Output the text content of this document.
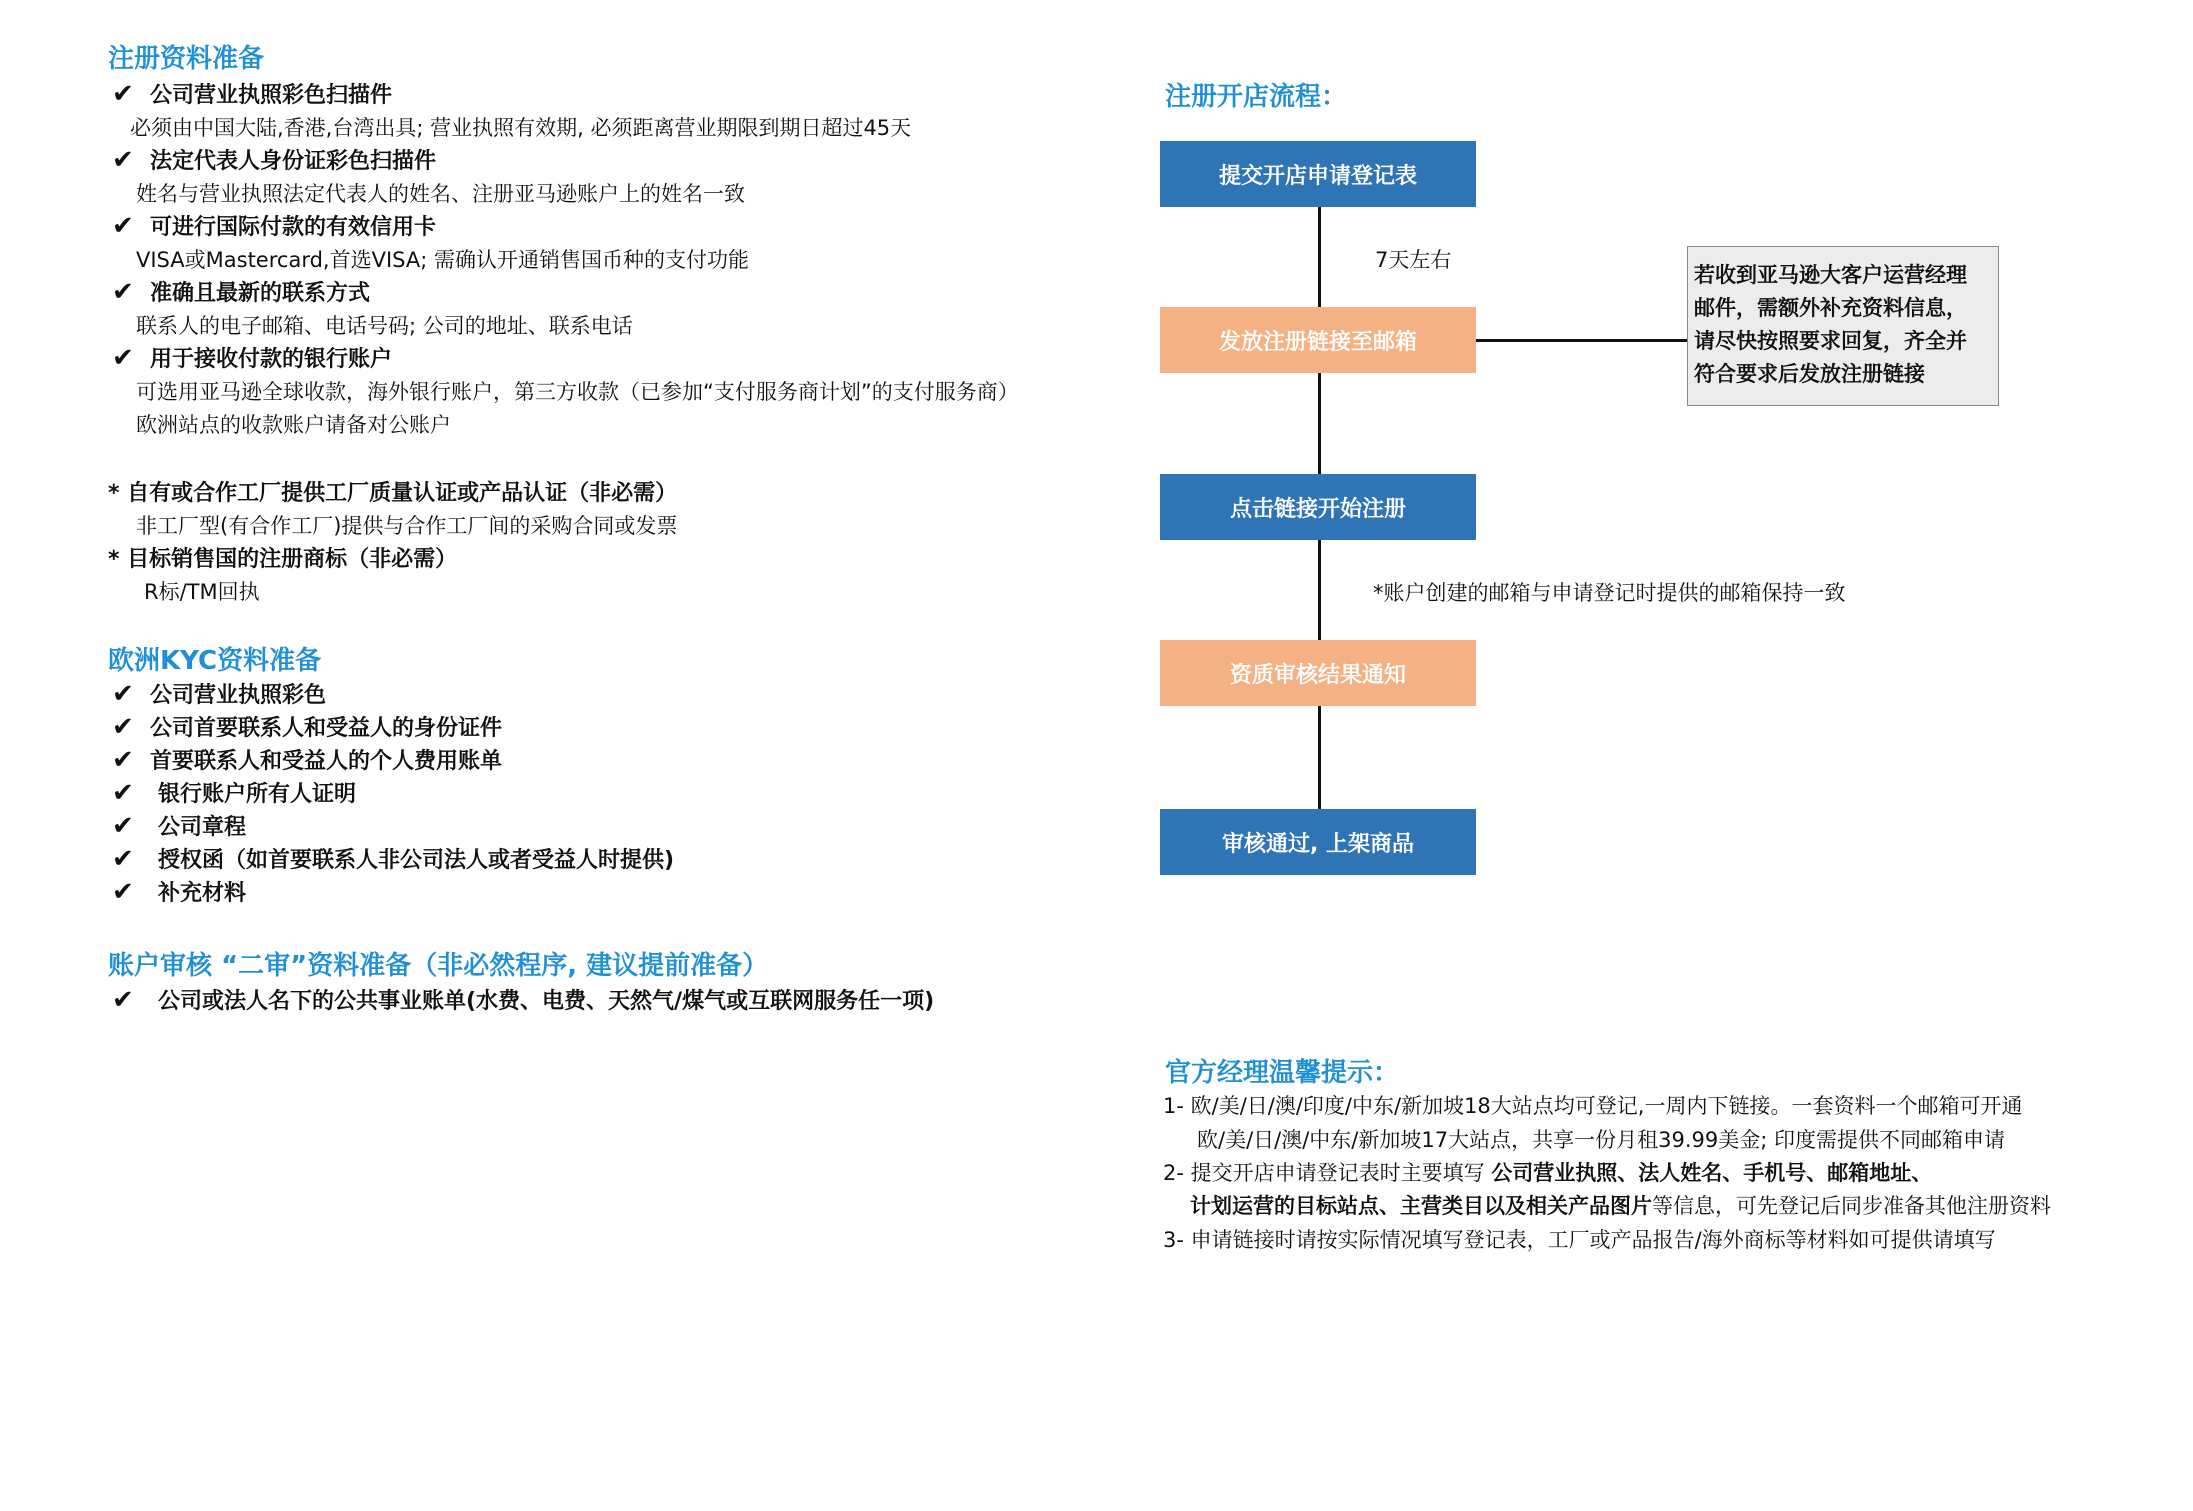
注册资料准备
✔ 公司营业执照彩色扫描件
必须由中国大陆,香港,台湾出具; 营业执照有效期, 必须距离营业期限到期日超过45天
✔ 法定代表人身份证彩色扫描件
姓名与营业执照法定代表人的姓名、注册亚马逊账户上的姓名一致
✔ 可进行国际付款的有效信用卡
VISA或Mastercard,首选VISA; 需确认开通销售国币种的支付功能
✔ 准确且最新的联系方式
联系人的电子邮箱、电话号码; 公司的地址、联系电话
✔ 用于接收付款的银行账户
可选用亚马逊全球收款，海外银行账户，第三方收款（已参加“支付服务商计划”的支付服务商）
欧洲站点的收款账户请备对公账户
* 自有或合作工厂提供工厂质量认证或产品认证（非必需）
非工厂型(有合作工厂)提供与合作工厂间的采购合同或发票
* 目标销售国的注册商标（非必需）
R标/TM回执
欧洲KYC资料准备
✔ 公司营业执照彩色
✔ 公司首要联系人和受益人的身份证件
✔ 首要联系人和受益人的个人费用账单
✔	银行账户所有人证明
✔	公司章程
✔	授权函（如首要联系人非公司法人或者受益人时提供)
✔	补充材料
账户审核 “二审”资料准备（非必然程序, 建议提前准备）
✔	公司或法人名下的公共事业账单(水费、电费、天然气/煤气或互联网服务任一项)
注册开店流程：
提交开店申请登记表
发放注册链接至邮箱
点击链接开始注册
资质审核结果通知
审核通过, 上架商品
7天左右
*账户创建的邮箱与申请登记时提供的邮箱保持一致
若收到亚马逊大客户运营经理
邮件，需额外补充资料信息，
请尽快按照要求回复，齐全并
符合要求后发放注册链接
官方经理温馨提示：
1- 欧/美/日/澳/印度/中东/新加坡18大站点均可登记,一周内下链接。一套资料一个邮箱可开通
欧/美/日/澳/中东/新加坡17大站点，共享一份月租39.99美金; 印度需提供不同邮箱申请
2- 提交开店申请登记表时主要填写 公司营业执照、法人姓名、手机号、邮箱地址、
计划运营的目标站点、主营类目以及相关产品图片等信息，可先登记后同步准备其他注册资料
3- 申请链接时请按实际情况填写登记表，工厂或产品报告/海外商标等材料如可提供请填写
